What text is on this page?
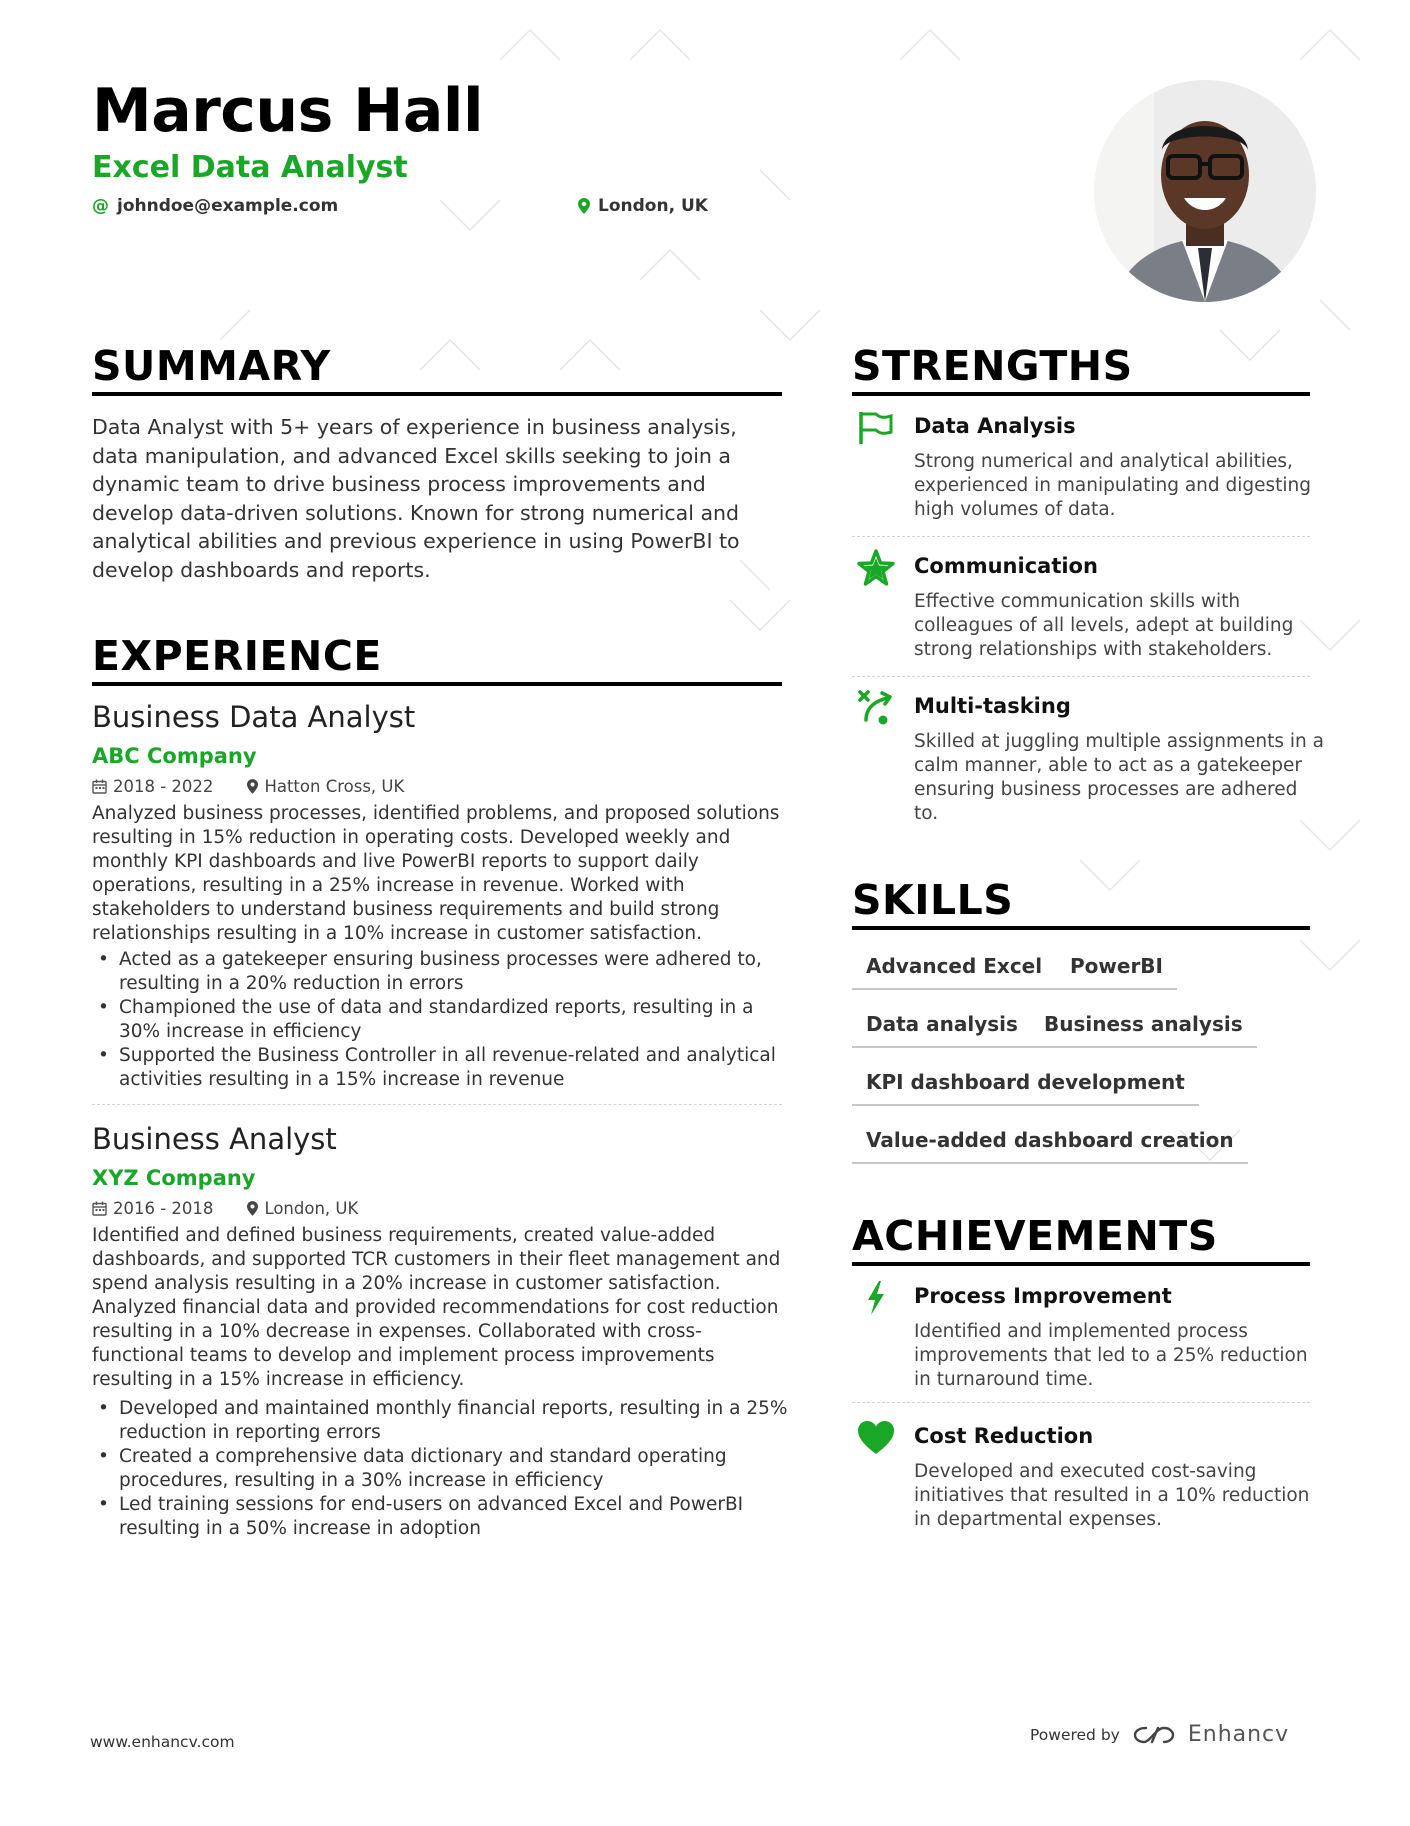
Marcus Hall
Excel Data Analyst
@ johndoe@example.com	London, UK
SUMMARY
Data Analyst with 5+ years of experience in business analysis, data manipulation, and advanced Excel skills seeking to join a dynamic team to drive business process improvements and develop data-driven solutions. Known for strong numerical and analytical abilities and previous experience in using PowerBI to develop dashboards and reports.
EXPERIENCE
Business Data Analyst
ABC Company
2018 - 2022	Hatton Cross, UK
Analyzed business processes, identified problems, and proposed solutions resulting in 15% reduction in operating costs. Developed weekly and monthly KPI dashboards and live PowerBI reports to support daily operations, resulting in a 25% increase in revenue. Worked with stakeholders to understand business requirements and build strong relationships resulting in a 10% increase in customer satisfaction.
• Acted as a gatekeeper ensuring business processes were adhered to, resulting in a 20% reduction in errors
• Championed the use of data and standardized reports, resulting in a 30% increase in efficiency
• Supported the Business Controller in all revenue-related and analytical activities resulting in a 15% increase in revenue
Business Analyst
XYZ Company
2016 - 2018	London, UK
Identified and defined business requirements, created value-added dashboards, and supported TCR customers in their fleet management and spend analysis resulting in a 20% increase in customer satisfaction. Analyzed financial data and provided recommendations for cost reduction resulting in a 10% decrease in expenses. Collaborated with cross-functional teams to develop and implement process improvements resulting in a 15% increase in efficiency.
• Developed and maintained monthly financial reports, resulting in a 25% reduction in reporting errors
• Created a comprehensive data dictionary and standard operating procedures, resulting in a 30% increase in efficiency
• Led training sessions for end-users on advanced Excel and PowerBI resulting in a 50% increase in adoption
STRENGTHS
Data Analysis
Strong numerical and analytical abilities, experienced in manipulating and digesting high volumes of data.
Communication
Effective communication skills with colleagues of all levels, adept at building strong relationships with stakeholders.
Multi-tasking
Skilled at juggling multiple assignments in a calm manner, able to act as a gatekeeper ensuring business processes are adhered to.
SKILLS
Advanced Excel	PowerBI
Data analysis	Business analysis
KPI dashboard development
Value-added dashboard creation
ACHIEVEMENTS
Process Improvement
Identified and implemented process improvements that led to a 25% reduction in turnaround time.
Cost Reduction
Developed and executed cost-saving initiatives that resulted in a 10% reduction in departmental expenses.
www.enhancv.com	Powered by	Enhancv
